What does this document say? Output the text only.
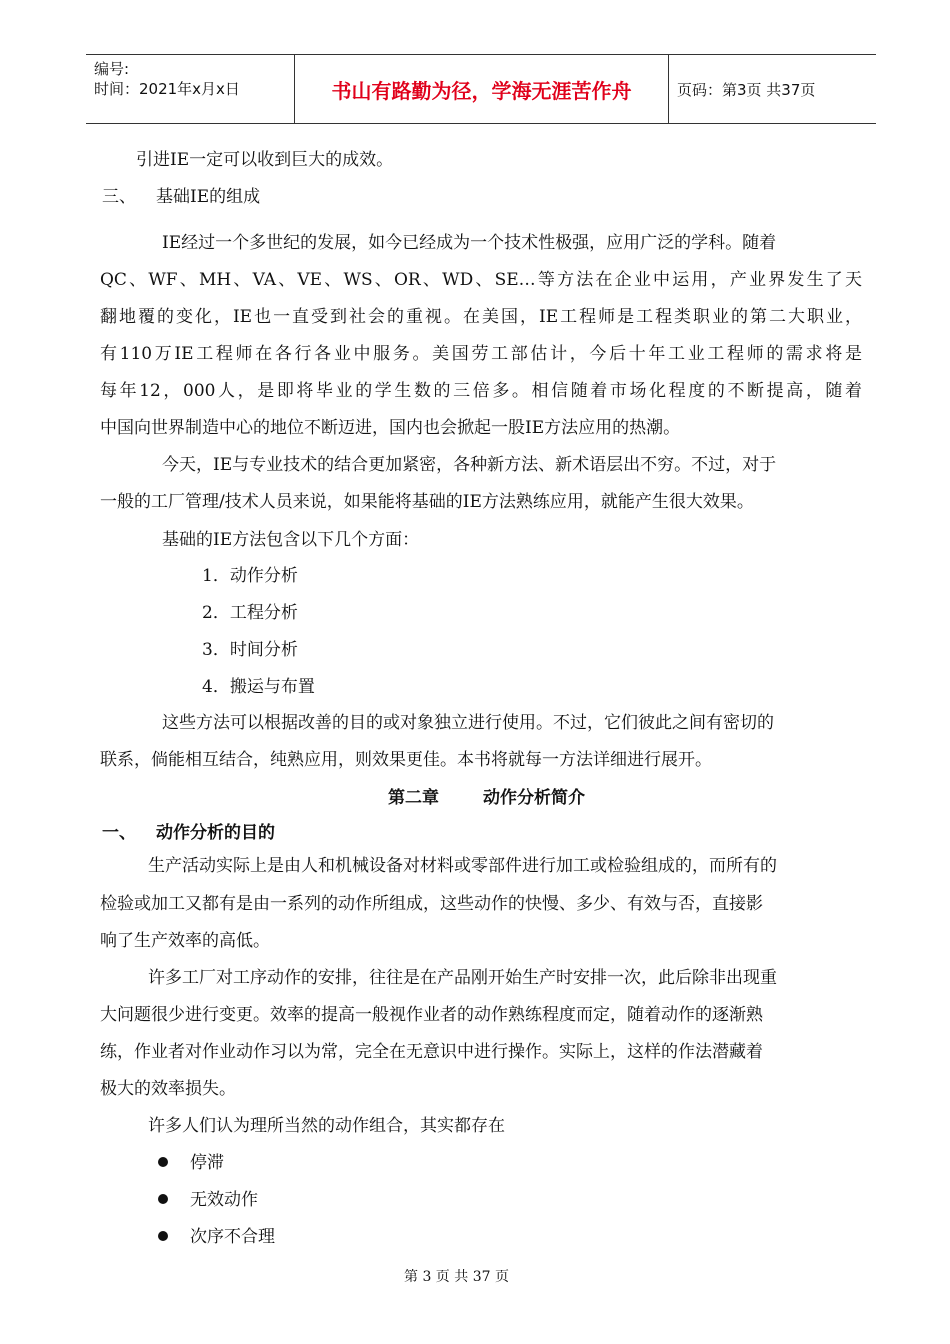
编号:
时间：2021年x月x日	书山有路勤为径，学海无涯苦作舟	页码：第3页 共37页
引进IE一定可以收到巨大的成效。
三、 基础IE的组成
IE经过一个多世纪的发展，如今已经成为一个技术性极强，应用广泛的学科。随着
QC、WF、MH、VA、VE、WS、OR、WD、SE…等方法在企业中运用，产业界发生了天
翻地覆的变化，IE也一直受到社会的重视。在美国，IE工程师是工程类职业的第二大职业，
有110万IE工程师在各行各业中服务。美国劳工部估计，今后十年工业工程师的需求将是
每年12，000人，是即将毕业的学生数的三倍多。相信随着市场化程度的不断提高，随着
中国向世界制造中心的地位不断迈进，国内也会掀起一股IE方法应用的热潮。
今天，IE与专业技术的结合更加紧密，各种新方法、新术语层出不穷。不过，对于
一般的工厂管理/技术人员来说，如果能将基础的IE方法熟练应用，就能产生很大效果。
基础的IE方法包含以下几个方面：
1．动作分析
2．工程分析
3．时间分析
4．搬运与布置
这些方法可以根据改善的目的或对象独立进行使用。不过，它们彼此之间有密切的
联系，倘能相互结合，纯熟应用，则效果更佳。本书将就每一方法详细进行展开。
第二章	动作分析简介
一、 动作分析的目的
生产活动实际上是由人和机械设备对材料或零部件进行加工或检验组成的，而所有的
检验或加工又都有是由一系列的动作所组成，这些动作的快慢、多少、有效与否，直接影
响了生产效率的高低。
许多工厂对工序动作的安排，往往是在产品刚开始生产时安排一次，此后除非出现重
大问题很少进行变更。效率的提高一般视作业者的动作熟练程度而定，随着动作的逐渐熟
练，作业者对作业动作习以为常，完全在无意识中进行操作。实际上，这样的作法潜藏着
极大的效率损失。
许多人们认为理所当然的动作组合，其实都存在
停滞
无效动作
次序不合理
第 3 页 共 37 页
